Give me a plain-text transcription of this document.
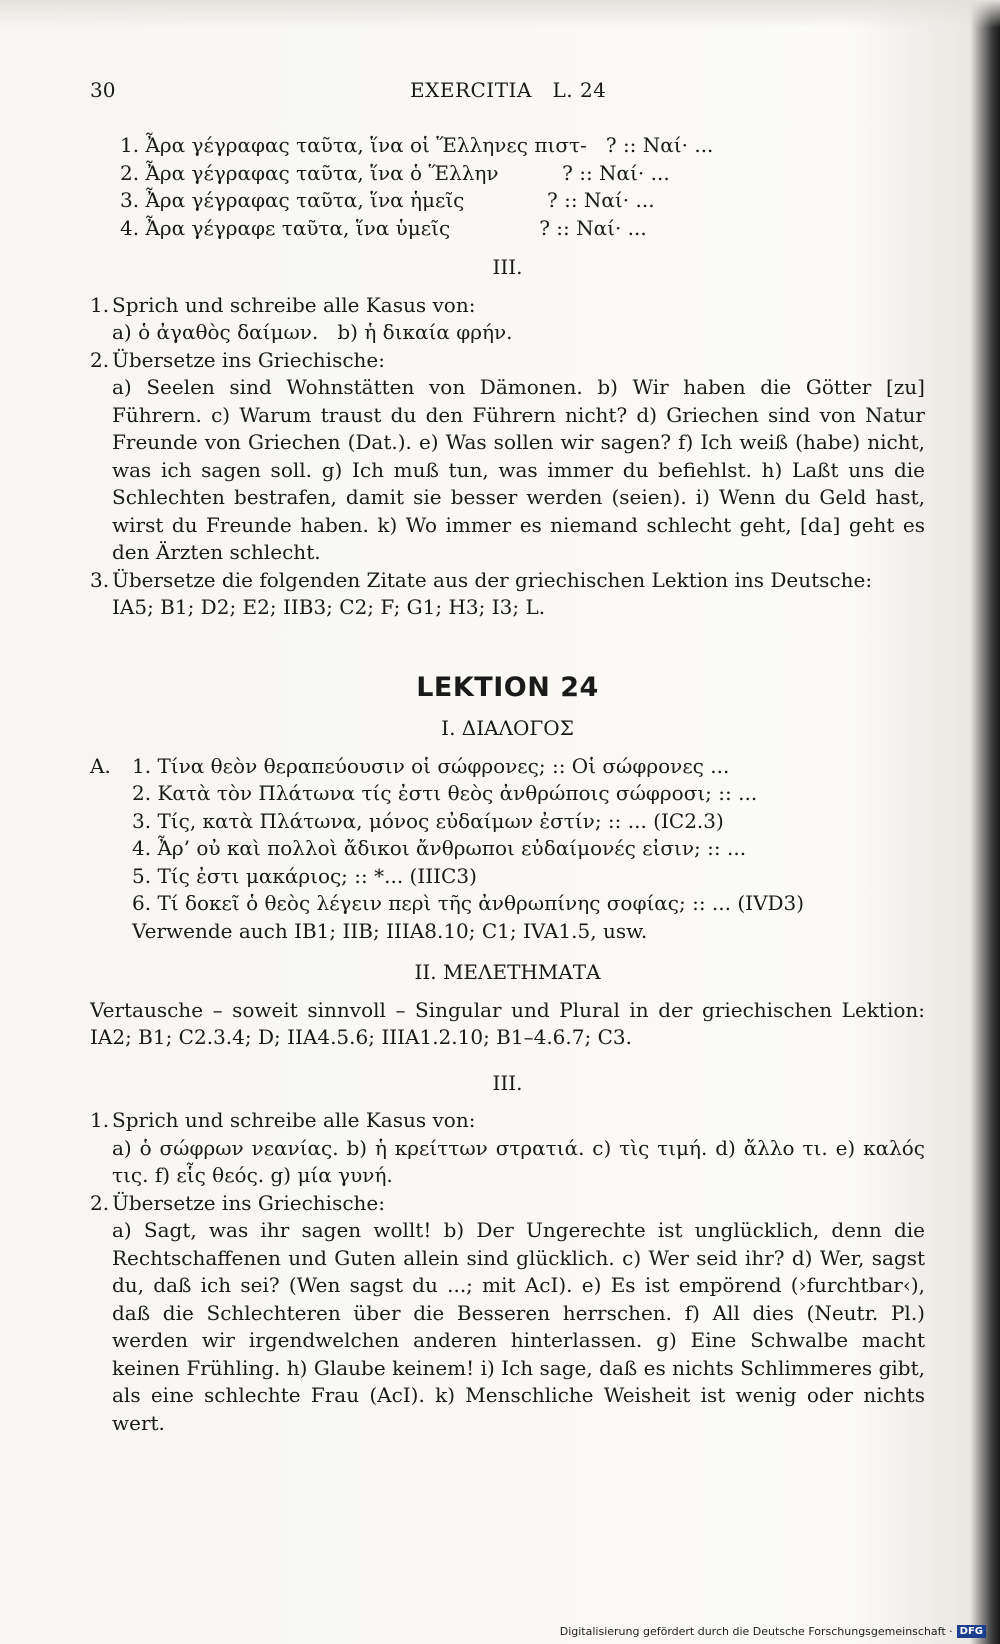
30	EXERCITIA   L. 24

1. Ἆρα γέγραφας ταῦτα, ἵνα οἱ Ἕλληνες πιστ-   ? :: Ναί· ...

2. Ἆρα γέγραφας ταῦτα, ἵνα ὁ Ἕλλην          ? :: Ναί· ...

3. Ἆρα γέγραφας ταῦτα, ἵνα ἡμεῖς             ? :: Ναί· ...

4. Ἆρα γέγραφε ταῦτα, ἵνα ὑμεῖς              ? :: Ναί· ...

III.

1. Sprich und schreibe alle Kasus von:

a) ὁ ἀγαθὸς δαίμων.   b) ἡ δικαία φρήν.

2. Übersetze ins Griechische:

a) Seelen sind Wohnstätten von Dämonen. b) Wir haben die Götter [zu] Führern. c) Warum traust du den Führern nicht? d) Griechen sind von Natur Freunde von Griechen (Dat.). e) Was sollen wir sagen? f) Ich weiß (habe) nicht, was ich sagen soll. g) Ich muß tun, was immer du befiehlst. h) Laßt uns die Schlechten bestrafen, damit sie besser werden (seien). i) Wenn du Geld hast, wirst du Freunde haben. k) Wo immer es niemand schlecht geht, [da] geht es den Ärzten schlecht.

3. Übersetze die folgenden Zitate aus der griechischen Lektion ins Deutsche:

IA5; B1; D2; E2; IIB3; C2; F; G1; H3; I3; L.

LEKTION 24

I. ΔΙΑΛΟΓΟΣ

A. 1. Τίνα θεὸν θεραπεύουσιν οἱ σώφρονες; :: Οἱ σώφρονες ...

2. Κατὰ τὸν Πλάτωνα τίς ἐστι θεὸς ἀνθρώποις σώφροσι; :: ...

3. Τίς, κατὰ Πλάτωνα, μόνος εὐδαίμων ἐστίν; :: ... (IC2.3)

4. Ἆρ’ οὐ καὶ πολλοὶ ἄδικοι ἄνθρωποι εὐδαίμονές εἰσιν; :: ...

5. Τίς ἐστι μακάριος; :: *... (IIIC3)

6. Τί δοκεῖ ὁ θεὸς λέγειν περὶ τῆς ἀνθρωπίνης σοφίας; :: ... (IVD3)

Verwende auch IB1; IIB; IIIA8.10; C1; IVA1.5, usw.

II. ΜΕΛΕΤΗΜΑΤΑ

Vertausche – soweit sinnvoll – Singular und Plural in der griechischen Lektion: IA2; B1; C2.3.4; D; IIA4.5.6; IIIA1.2.10; B1–4.6.7; C3.

III.

1. Sprich und schreibe alle Kasus von:

a) ὁ σώφρων νεανίας. b) ἡ κρείττων στρατιά. c) τὶς τιμή. d) ἄλλο τι. e) καλός τις. f) εἷς θεός. g) μία γυνή.

2. Übersetze ins Griechische:

a) Sagt, was ihr sagen wollt! b) Der Ungerechte ist unglücklich, denn die Rechtschaffenen und Guten allein sind glücklich. c) Wer seid ihr? d) Wer, sagst du, daß ich sei? (Wen sagst du ...; mit AcI). e) Es ist empörend (›furchtbar‹), daß die Schlechteren über die Besseren herrschen. f) All dies (Neutr. Pl.) werden wir irgendwelchen anderen hinterlassen. g) Eine Schwalbe macht keinen Frühling. h) Glaube keinem! i) Ich sage, daß es nichts Schlimmeres gibt, als eine schlechte Frau (AcI). k) Menschliche Weisheit ist wenig oder nichts wert.

Digitalisierung gefördert durch die Deutsche Forschungsgemeinschaft · DFG
